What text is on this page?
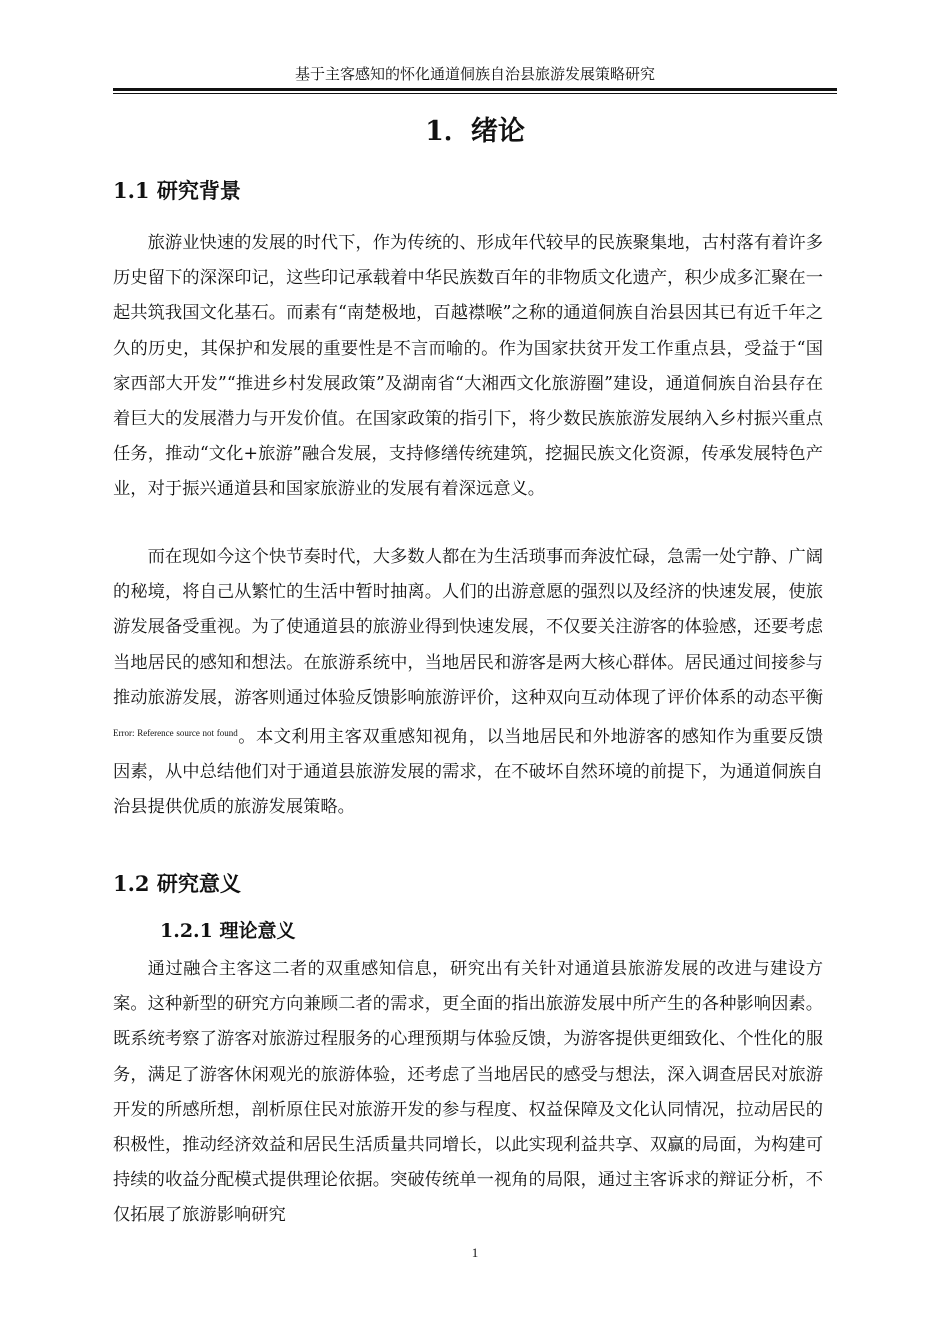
基于主客感知的怀化通道侗族自治县旅游发展策略研究
1．绪论
1.1 研究背景
旅游业快速的发展的时代下，作为传统的、形成年代较早的民族聚集地，古村落有着许多历史留下的深深印记，这些印记承载着中华民族数百年的非物质文化遗产，积少成多汇聚在一起共筑我国文化基石。而素有“南楚极地，百越襟喉”之称的通道侗族自治县因其已有近千年之久的历史，其保护和发展的重要性是不言而喻的。作为国家扶贫开发工作重点县，受益于“国家西部大开发”“推进乡村发展政策”及湖南省“大湘西文化旅游圈”建设，通道侗族自治县存在着巨大的发展潜力与开发价值。在国家政策的指引下，将少数民族旅游发展纳入乡村振兴重点任务，推动“文化+旅游”融合发展，支持修缮传统建筑，挖掘民族文化资源，传承发展特色产业，对于振兴通道县和国家旅游业的发展有着深远意义。
而在现如今这个快节奏时代，大多数人都在为生活琐事而奔波忙碌，急需一处宁静、广阔的秘境，将自己从繁忙的生活中暂时抽离。人们的出游意愿的强烈以及经济的快速发展，使旅游发展备受重视。为了使通道县的旅游业得到快速发展，不仅要关注游客的体验感，还要考虑当地居民的感知和想法。在旅游系统中，当地居民和游客是两大核心群体。居民通过间接参与推动旅游发展，游客则通过体验反馈影响旅游评价，这种双向互动体现了评价体系的动态平衡$^{Error: Reference source not found}$。本文利用主客双重感知视角，以当地居民和外地游客的感知作为重要反馈因素，从中总结他们对于通道县旅游发展的需求，在不破坏自然环境的前提下，为通道侗族自治县提供优质的旅游发展策略。
1.2 研究意义
1.2.1 理论意义
通过融合主客这二者的双重感知信息，研究出有关针对通道县旅游发展的改进与建设方案。这种新型的研究方向兼顾二者的需求，更全面的指出旅游发展中所产生的各种影响因素。既系统考察了游客对旅游过程服务的心理预期与体验反馈，为游客提供更细致化、个性化的服务，满足了游客休闲观光的旅游体验，还考虑了当地居民的感受与想法，深入调查居民对旅游开发的所感所想，剖析原住民对旅游开发的参与程度、权益保障及文化认同情况，拉动居民的积极性，推动经济效益和居民生活质量共同增长，以此实现利益共享、双赢的局面，为构建可持续的收益分配模式提供理论依据。突破传统单一视角的局限，通过主客诉求的辩证分析，不仅拓展了旅游影响研究
1
